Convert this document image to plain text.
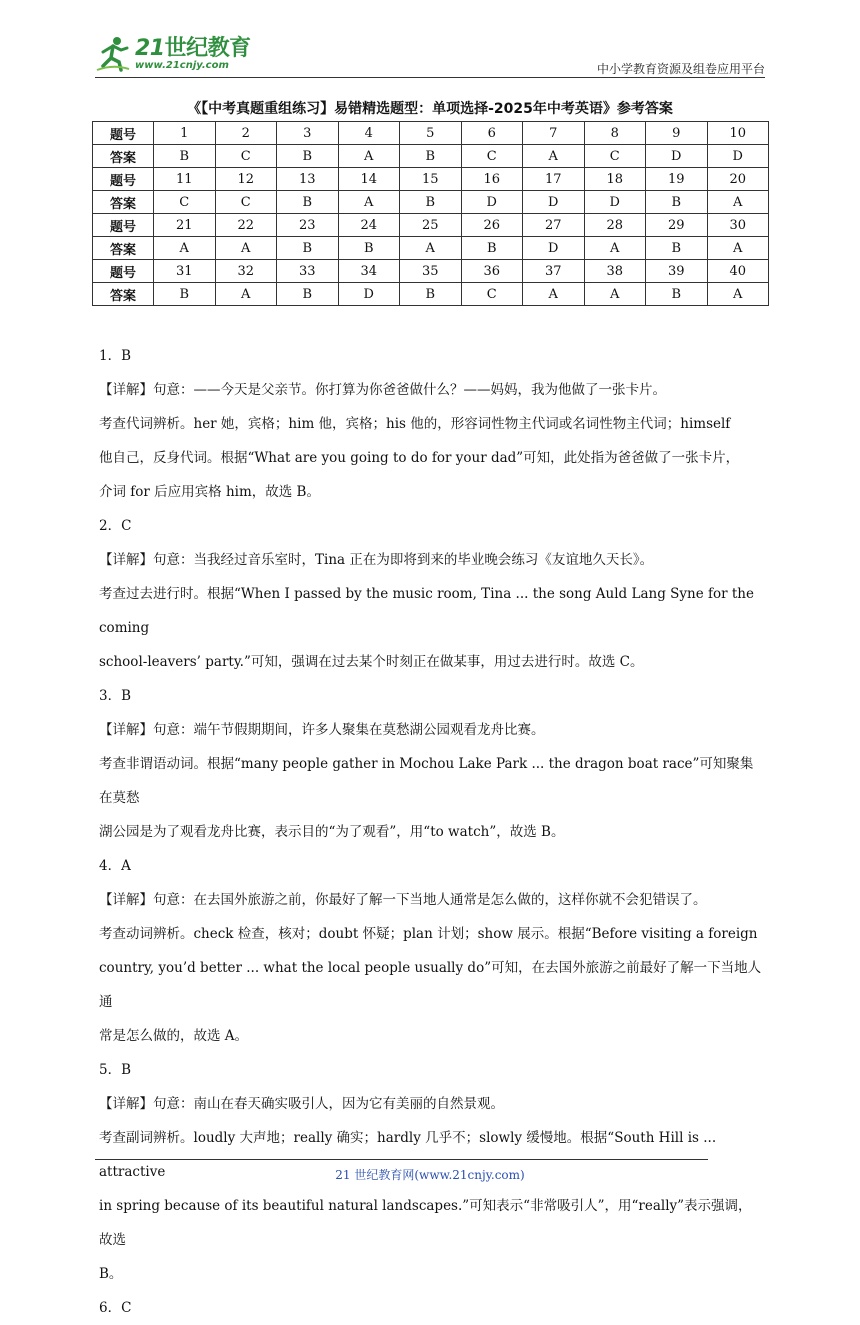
21世纪教育
www.21cnjy.com	中小学教育资源及组卷应用平台
《【中考真题重组练习】易错精选题型：单项选择-2025年中考英语》参考答案
题号	1	2	3	4	5	6	7	8	9	10
答案	B	C	B	A	B	C	A	C	D	D
题号	11	12	13	14	15	16	17	18	19	20
答案	C	C	B	A	B	D	D	D	B	A
题号	21	22	23	24	25	26	27	28	29	30
答案	A	A	B	B	A	B	D	A	B	A
题号	31	32	33	34	35	36	37	38	39	40
答案	B	A	B	D	B	C	A	A	B	A

1．B

【详解】句意：——今天是父亲节。你打算为你爸爸做什么？——妈妈，我为他做了一张卡片。

考查代词辨析。her 她，宾格；him 他，宾格；his 他的，形容词性物主代词或名词性物主代词；himself

他自己，反身代词。根据“What are you going to do for your dad”可知，此处指为爸爸做了一张卡片，

介词 for 后应用宾格 him，故选 B。

2．C

【详解】句意：当我经过音乐室时，Tina 正在为即将到来的毕业晚会练习《友谊地久天长》。

考查过去进行时。根据“When I passed by the music room, Tina ... the song Auld Lang Syne for the coming

school-leavers’ party.”可知，强调在过去某个时刻正在做某事，用过去进行时。故选 C。

3．B

【详解】句意：端午节假期期间，许多人聚集在莫愁湖公园观看龙舟比赛。

考查非谓语动词。根据“many people gather in Mochou Lake Park ... the dragon boat race”可知聚集在莫愁

湖公园是为了观看龙舟比赛，表示目的“为了观看”，用“to watch”，故选 B。

4．A

【详解】句意：在去国外旅游之前，你最好了解一下当地人通常是怎么做的，这样你就不会犯错误了。

考查动词辨析。check 检查，核对；doubt 怀疑；plan 计划；show 展示。根据“Before visiting a foreign

country, you’d better ... what the local people usually do”可知，在去国外旅游之前最好了解一下当地人通

常是怎么做的，故选 A。

5．B

【详解】句意：南山在春天确实吸引人，因为它有美丽的自然景观。

考查副词辨析。loudly 大声地；really 确实；hardly 几乎不；slowly 缓慢地。根据“South Hill is ... attractive

in spring because of its beautiful natural landscapes.”可知表示“非常吸引人”，用“really”表示强调，故选

B。

6．C

21 世纪教育网(www.21cnjy.com)
